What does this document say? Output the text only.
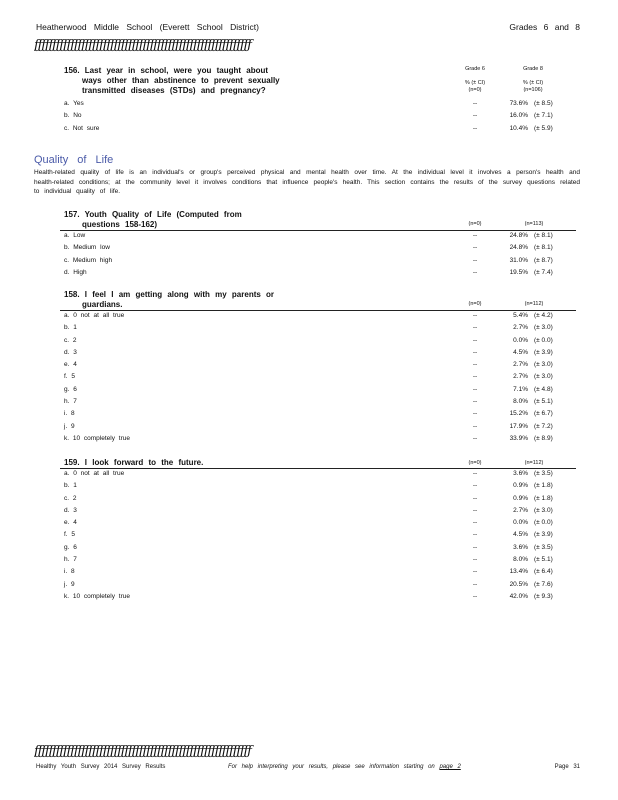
Heatherwood Middle School (Everett School District)	Grades 6 and 8
ƒƒƒƒƒƒƒƒƒƒƒƒƒƒƒƒƒƒƒƒƒƒƒƒƒƒƒƒƒƒƒƒƒƒƒƒƒƒƒƒƒƒƒƒƒƒƒƒƒƒƒƒƒƒƒƒƒƒƒƒ
156. Last year in school, were you taught about
ways other than abstinence to prevent sexually
transmitted diseases (STDs) and pregnancy?
Grade 6
% (± CI)
(n=0)
Grade 8
% (± CI)
(n=106)
a. Yes	--	73.6% (± 8.5)
b. No	--	16.0% (± 7.1)
c. Not sure	--	10.4% (± 5.9)
Quality of Life
Health-related quality of life is an individual's or group's perceived physical and mental health over time. At the individual level it involves a person's health and health-related conditions; at the community level it involves conditions that influence people's health. This section contains the results of the survey questions related to individual quality of life.
157. Youth Quality of Life (Computed from
questions 158-162)	(n=0)	(n=113)
a. Low	--	24.8% (± 8.1)
b. Medium low	--	24.8% (± 8.1)
c. Medium high	--	31.0% (± 8.7)
d. High	--	19.5% (± 7.4)
158. I feel I am getting along with my parents or
guardians.	(n=0)	(n=112)
a. 0 not at all true	--	5.4% (± 4.2)
b. 1	--	2.7% (± 3.0)
c. 2	--	0.0% (± 0.0)
d. 3	--	4.5% (± 3.9)
e. 4	--	2.7% (± 3.0)
f. 5	--	2.7% (± 3.0)
g. 6	--	7.1% (± 4.8)
h. 7	--	8.0% (± 5.1)
i. 8	--	15.2% (± 6.7)
j. 9	--	17.9% (± 7.2)
k. 10 completely true	--	33.9% (± 8.9)
159. I look forward to the future.	(n=0)	(n=112)
a. 0 not at all true	--	3.6% (± 3.5)
b. 1	--	0.9% (± 1.8)
c. 2	--	0.9% (± 1.8)
d. 3	--	2.7% (± 3.0)
e. 4	--	0.0% (± 0.0)
f. 5	--	4.5% (± 3.9)
g. 6	--	3.6% (± 3.5)
h. 7	--	8.0% (± 5.1)
i. 8	--	13.4% (± 6.4)
j. 9	--	20.5% (± 7.6)
k. 10 completely true	--	42.0% (± 9.3)
ƒƒƒƒƒƒƒƒƒƒƒƒƒƒƒƒƒƒƒƒƒƒƒƒƒƒƒƒƒƒƒƒƒƒƒƒƒƒƒƒƒƒƒƒƒƒƒƒƒƒƒƒƒƒƒƒƒƒƒƒ
Healthy Youth Survey 2014 Survey Results	For help interpreting your results, please see information starting on page 2	Page 31
